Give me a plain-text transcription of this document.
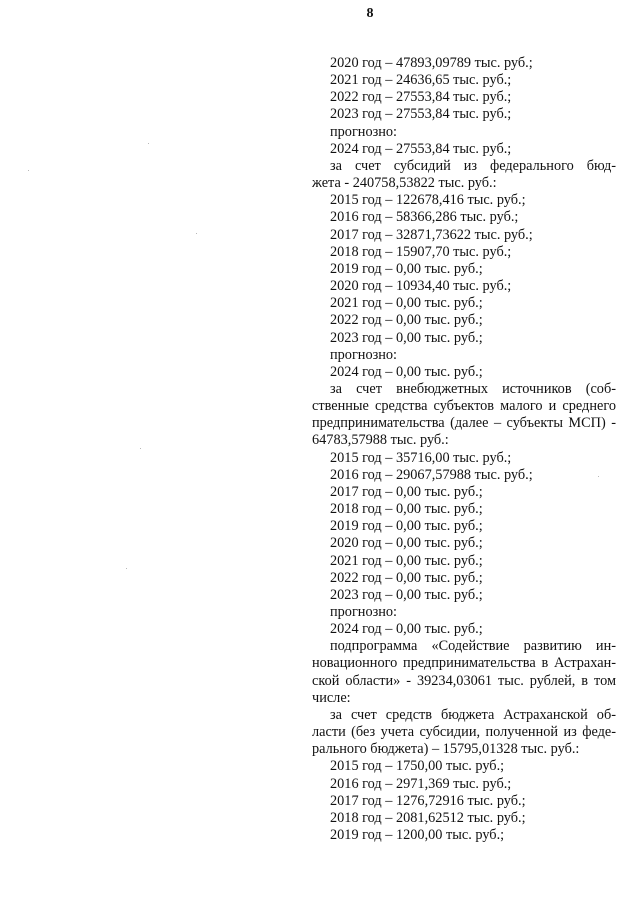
8
2020 год – 47893,09789 тыс. руб.;
2021 год – 24636,65 тыс. руб.;
2022 год – 27553,84 тыс. руб.;
2023 год – 27553,84 тыс. руб.;
прогнозно:
2024 год – 27553,84 тыс. руб.;
за счет субсидий из федерального бюд-
жета - 240758,53822 тыс. руб.:
2015 год – 122678,416 тыс. руб.;
2016 год – 58366,286 тыс. руб.;
2017 год – 32871,73622 тыс. руб.;
2018 год – 15907,70 тыс. руб.;
2019 год – 0,00 тыс. руб.;
2020 год – 10934,40 тыс. руб.;
2021 год – 0,00 тыс. руб.;
2022 год – 0,00 тыс. руб.;
2023 год – 0,00 тыс. руб.;
прогнозно:
2024 год – 0,00 тыс. руб.;
за счет внебюджетных источников (соб-
ственные средства субъектов малого и среднего
предпринимательства (далее – субъекты МСП) -
64783,57988 тыс. руб.:
2015 год – 35716,00 тыс. руб.;
2016 год – 29067,57988 тыс. руб.;
2017 год – 0,00 тыс. руб.;
2018 год – 0,00 тыс. руб.;
2019 год – 0,00 тыс. руб.;
2020 год – 0,00 тыс. руб.;
2021 год – 0,00 тыс. руб.;
2022 год – 0,00 тыс. руб.;
2023 год – 0,00 тыс. руб.;
прогнозно:
2024 год – 0,00 тыс. руб.;
подпрограмма «Содействие развитию ин-
новационного предпринимательства в Астрахан-
ской области» - 39234,03061 тыс. рублей, в том
числе:
за счет средств бюджета Астраханской об-
ласти (без учета субсидии, полученной из феде-
рального бюджета) – 15795,01328 тыс. руб.:
2015 год – 1750,00 тыс. руб.;
2016 год – 2971,369 тыс. руб.;
2017 год – 1276,72916 тыс. руб.;
2018 год – 2081,62512 тыс. руб.;
2019 год – 1200,00 тыс. руб.;
